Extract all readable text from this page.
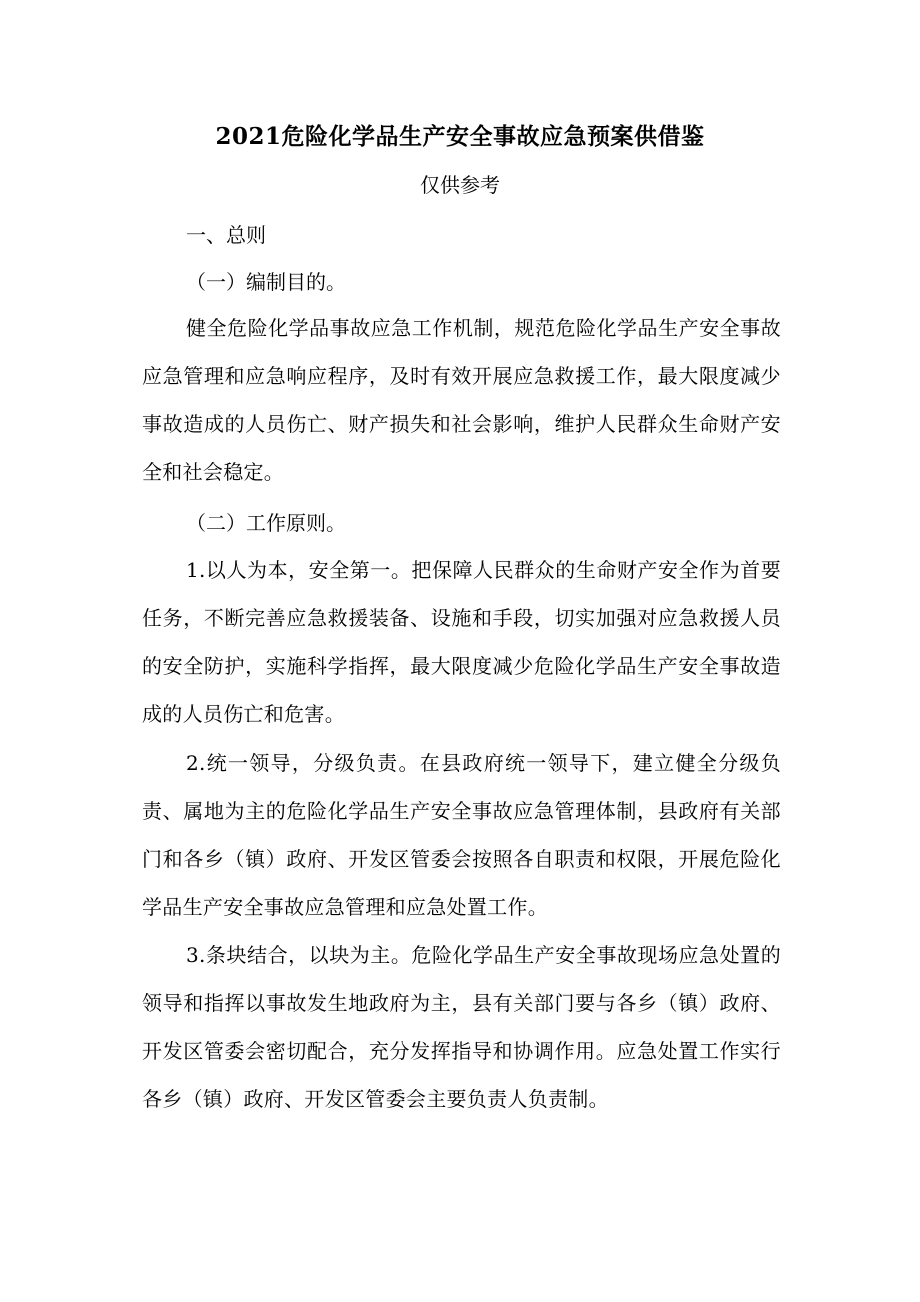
2021危险化学品生产安全事故应急预案供借鉴
仅供参考
一、总则
（一）编制目的。
健全危险化学品事故应急工作机制，规范危险化学品生产安全事故应急管理和应急响应程序，及时有效开展应急救援工作，最大限度减少事故造成的人员伤亡、财产损失和社会影响，维护人民群众生命财产安全和社会稳定。
（二）工作原则。
1.以人为本，安全第一。把保障人民群众的生命财产安全作为首要任务，不断完善应急救援装备、设施和手段，切实加强对应急救援人员的安全防护，实施科学指挥，最大限度减少危险化学品生产安全事故造成的人员伤亡和危害。
2.统一领导，分级负责。在县政府统一领导下，建立健全分级负责、属地为主的危险化学品生产安全事故应急管理体制，县政府有关部门和各乡（镇）政府、开发区管委会按照各自职责和权限，开展危险化学品生产安全事故应急管理和应急处置工作。
3.条块结合，以块为主。危险化学品生产安全事故现场应急处置的领导和指挥以事故发生地政府为主，县有关部门要与各乡（镇）政府、开发区管委会密切配合，充分发挥指导和协调作用。应急处置工作实行各乡（镇）政府、开发区管委会主要负责人负责制。
